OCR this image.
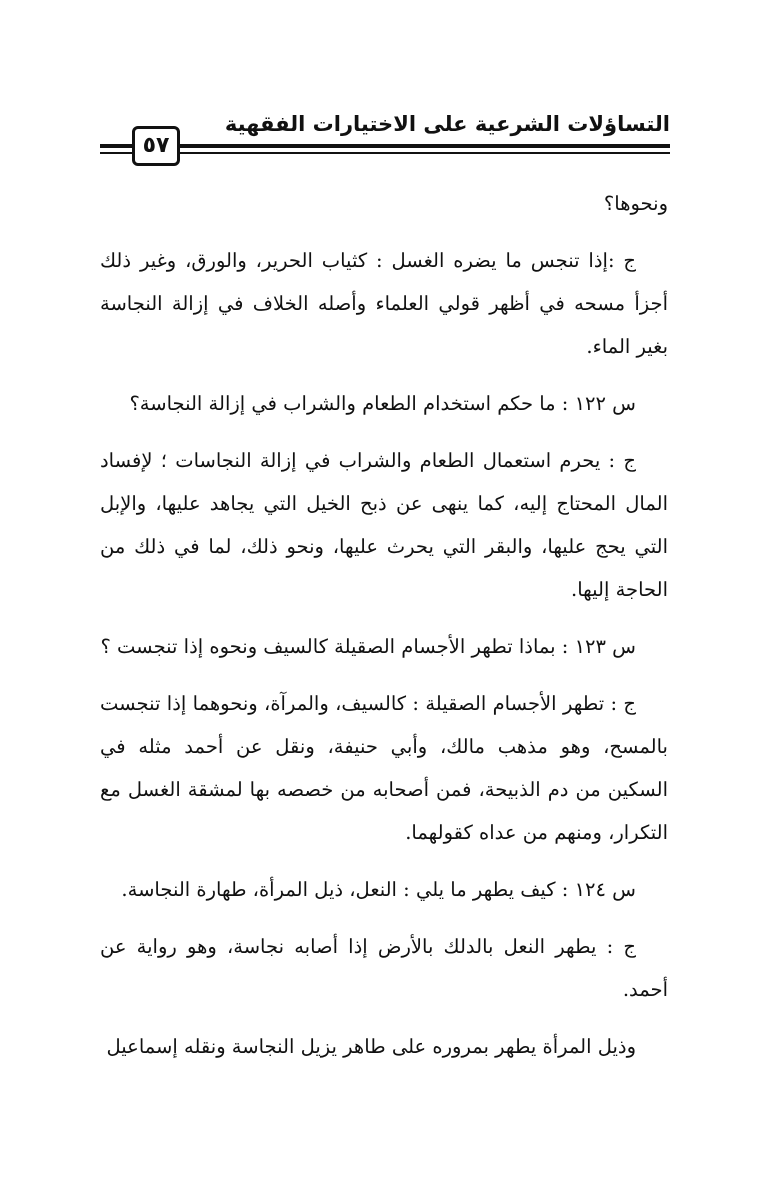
التساؤلات الشرعية على الاختيارات الفقهية
٥٧

ونحوها؟

ج :إذا تنجس ما يضره الغسل : كثياب الحرير، والورق، وغير ذلك أجزأ مسحه في أظهر قولي العلماء وأصله الخلاف في إزالة النجاسة بغير الماء.

س ١٢٢ : ما حكم استخدام الطعام والشراب في إزالة النجاسة؟

ج : يحرم استعمال الطعام والشراب في إزالة النجاسات ؛ لإفساد المال المحتاج إليه، كما ينهى عن ذبح الخيل التي يجاهد عليها، والإبل التي يحج عليها، والبقر التي يحرث عليها، ونحو ذلك، لما في ذلك من الحاجة إليها.

س ١٢٣ : بماذا تطهر الأجسام الصقيلة كالسيف ونحوه إذا تنجست ؟

ج : تطهر الأجسام الصقيلة : كالسيف، والمرآة، ونحوهما إذا تنجست بالمسح، وهو مذهب مالك، وأبي حنيفة، ونقل عن أحمد مثله في السكين من دم الذبيحة، فمن أصحابه من خصصه بها لمشقة الغسل مع التكرار، ومنهم من عداه كقولهما.

س ١٢٤ : كيف يطهر ما يلي : النعل، ذيل المرأة، طهارة النجاسة.

ج : يطهر النعل بالدلك بالأرض إذا أصابه نجاسة، وهو رواية عن أحمد.

وذيل المرأة يطهر بمروره على طاهر يزيل النجاسة ونقله إسماعيل
